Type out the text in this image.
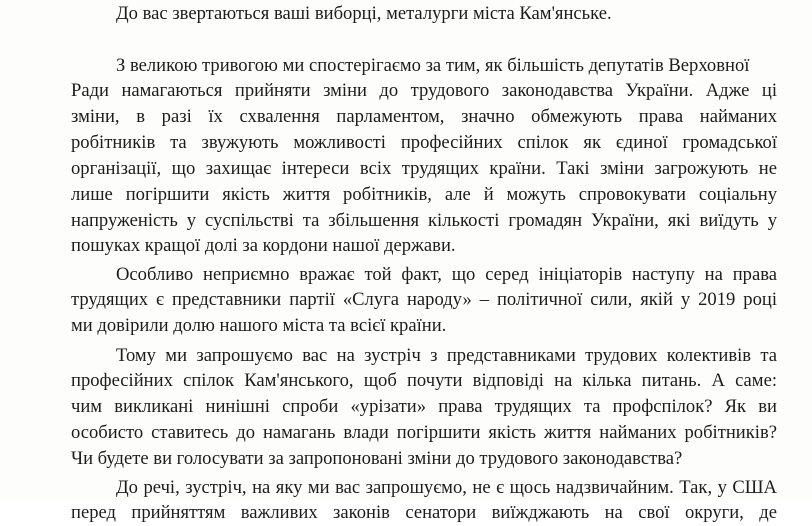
До вас звертаються ваші виборці, металурги міста Кам'янське.

З великою тривогою ми спостерігаємо за тим, як більшість депутатів Верховної

Ради намагаються прийняти зміни до трудового законодавства України. Адже ці

зміни, в разі їх схвалення парламентом, значно обмежують права найманих

робітників та звужують можливості професійних спілок як єдиної громадської

організації, що захищає інтереси всіх трудящих країни. Такі зміни загрожують не

лише погіршити якість життя робітників, але й можуть спровокувати соціальну

напруженість у суспільстві та збільшення кількості громадян України, які виїдуть у

пошуках кращої долі за кордони нашої держави.

Особливо неприємно вражає той факт, що серед ініціаторів наступу на права

трудящих є представники партії «Слуга народу» – політичної сили, якій у 2019 році

ми довірили долю нашого міста та всієї країни.

Тому ми запрошуємо вас на зустріч з представниками трудових колективів та

професійних спілок Кам'янського, щоб почути відповіді на кілька питань. А саме:

чим викликані нинішні спроби «урізати» права трудящих та профспілок? Як ви

особисто ставитесь до намагань влади погіршити якість життя найманих робітників?

Чи будете ви голосувати за запропоновані зміни до трудового законодавства?

До речі, зустріч, на яку ми вас запрошуємо, не є щось надзвичайним. Так, у США

перед прийняттям важливих законів сенатори виїжджають на свої округи, де
